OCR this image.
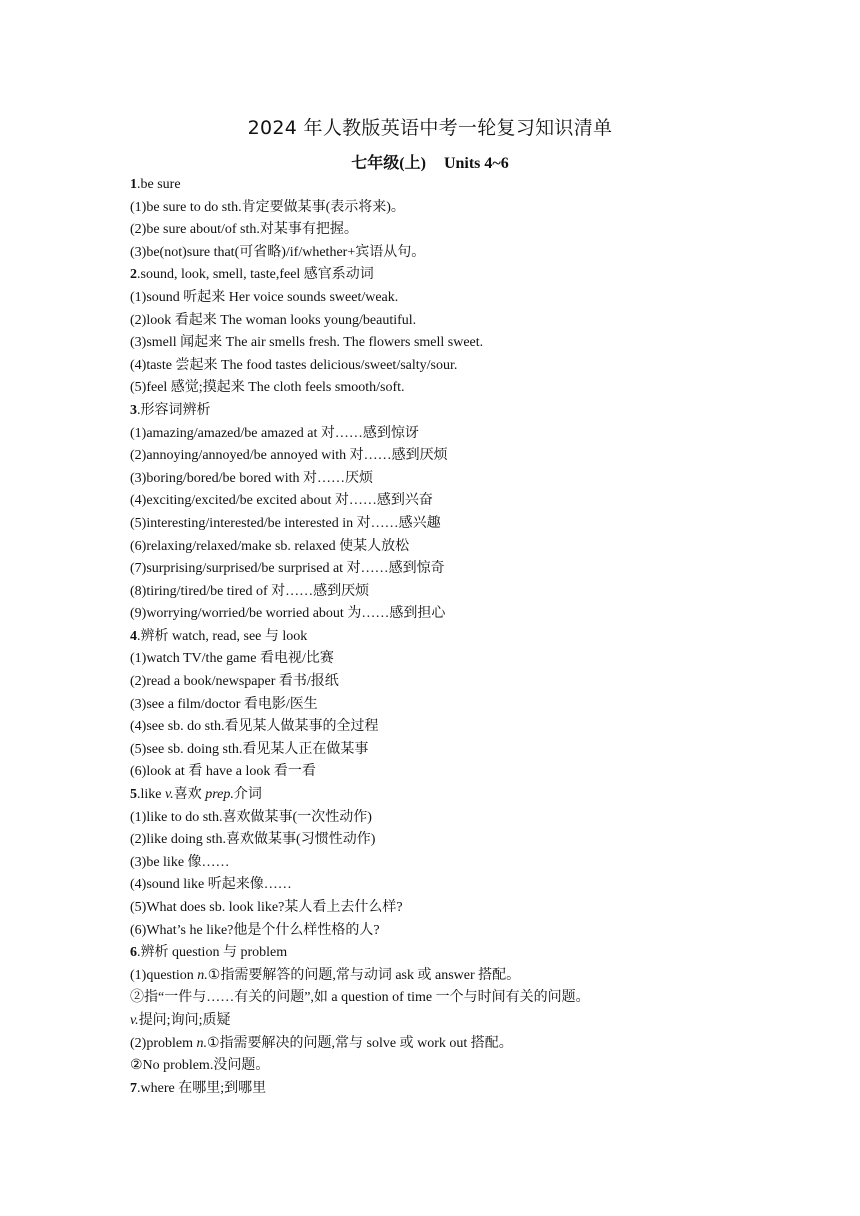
2024 年人教版英语中考一轮复习知识清单
七年级(上) Units 4~6
1.be sure
(1)be sure to do sth.肯定要做某事(表示将来)。
(2)be sure about/of sth.对某事有把握。
(3)be(not)sure that(可省略)/if/whether+宾语从句。
2.sound, look, smell, taste,feel 感官系动词
(1)sound 听起来 Her voice sounds sweet/weak.
(2)look 看起来 The woman looks young/beautiful.
(3)smell 闻起来 The air smells fresh. The flowers smell sweet.
(4)taste 尝起来 The food tastes delicious/sweet/salty/sour.
(5)feel 感觉;摸起来 The cloth feels smooth/soft.
3.形容词辨析
(1)amazing/amazed/be amazed at 对……感到惊讶
(2)annoying/annoyed/be annoyed with 对……感到厌烦
(3)boring/bored/be bored with 对……厌烦
(4)exciting/excited/be excited about 对……感到兴奋
(5)interesting/interested/be interested in 对……感兴趣
(6)relaxing/relaxed/make sb. relaxed 使某人放松
(7)surprising/surprised/be surprised at 对……感到惊奇
(8)tiring/tired/be tired of 对……感到厌烦
(9)worrying/worried/be worried about 为……感到担心
4.辨析 watch, read, see 与 look
(1)watch TV/the game 看电视/比赛
(2)read a book/newspaper 看书/报纸
(3)see a film/doctor 看电影/医生
(4)see sb. do sth.看见某人做某事的全过程
(5)see sb. doing sth.看见某人正在做某事
(6)look at 看 have a look 看一看
5.like v.喜欢 prep.介词
(1)like to do sth.喜欢做某事(一次性动作)
(2)like doing sth.喜欢做某事(习惯性动作)
(3)be like 像……
(4)sound like 听起来像……
(5)What does sb. look like?某人看上去什么样?
(6)What’s he like?他是个什么样性格的人?
6.辨析 question 与 problem
(1)question n.①指需要解答的问题,常与动词 ask 或 answer 搭配。
②指“一件与……有关的问题”,如 a question of time 一个与时间有关的问题。
v.提问;询问;质疑
(2)problem n.①指需要解决的问题,常与 solve 或 work out 搭配。
②No problem.没问题。
7.where 在哪里;到哪里
